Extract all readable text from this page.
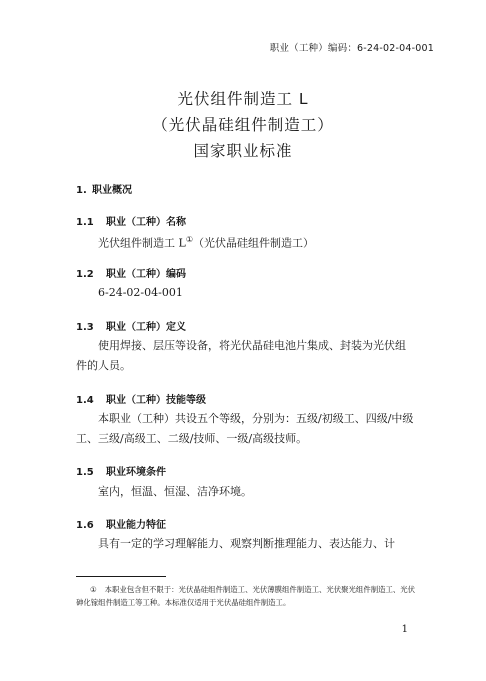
职业（工种）编码：6-24-02-04-001
光伏组件制造工 L
（光伏晶硅组件制造工）
国家职业标准
1. 职业概况
1.1 职业（工种）名称
光伏组件制造工 L①（光伏晶硅组件制造工）
1.2 职业（工种）编码
6-24-02-04-001
1.3 职业（工种）定义
使用焊接、层压等设备，将光伏晶硅电池片集成、封装为光伏组件的人员。
1.4 职业（工种）技能等级
本职业（工种）共设五个等级，分别为：五级/初级工、四级/中级工、三级/高级工、二级/技师、一级/高级技师。
1.5 职业环境条件
室内，恒温、恒湿、洁净环境。
1.6 职业能力特征
具有一定的学习理解能力、观察判断推理能力、表达能力、计
① 本职业包含但不限于：光伏晶硅组件制造工、光伏薄膜组件制造工、光伏聚光组件制造工、光伏砷化镓组件制造工等工种。本标准仅适用于光伏晶硅组件制造工。
1
